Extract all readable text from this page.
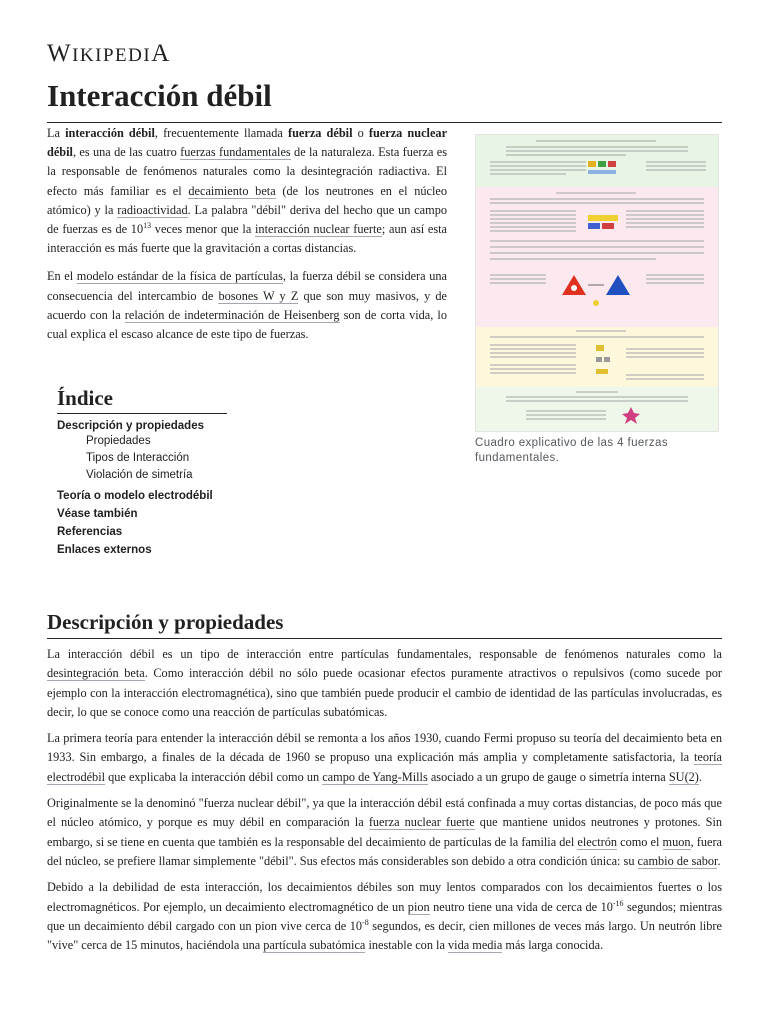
WIKIPEDIA
Interacción débil

La interacción débil, frecuentemente llamada fuerza débil o fuerza nuclear débil, es una de las cuatro fuerzas fundamentales de la naturaleza. Esta fuerza es la responsable de fenómenos naturales como la desintegración radiactiva. El efecto más familiar es el decaimiento beta (de los neutrones en el núcleo atómico) y la radioactividad. La palabra "débil" deriva del hecho que un campo de fuerzas es de $10^{13}$ veces menor que la interacción nuclear fuerte; aun así esta interacción es más fuerte que la gravitación a cortas distancias.

En el modelo estándar de la física de partículas, la fuerza débil se considera una consecuencia del intercambio de bosones W y Z que son muy masivos, y de acuerdo con la relación de indeterminación de Heisenberg son de corta vida, lo cual explica el escaso alcance de este tipo de fuerzas.

Cuadro explicativo de las 4 fuerzas fundamentales.
Índice
Descripción y propiedades
Propiedades
Tipos de Interacción
Violación de simetría
Teoría o modelo electrodébil
Véase también
Referencias
Enlaces externos
Descripción y propiedades

La interacción débil es un tipo de interacción entre partículas fundamentales, responsable de fenómenos naturales como la desintegración beta. Como interacción débil no sólo puede ocasionar efectos puramente atractivos o repulsivos (como sucede por ejemplo con la interacción electromagnética), sino que también puede producir el cambio de identidad de las partículas involucradas, es decir, lo que se conoce como una reacción de partículas subatómicas.

La primera teoría para entender la interacción débil se remonta a los años 1930, cuando Fermi propuso su teoría del decaimiento beta en 1933. Sin embargo, a finales de la década de 1960 se propuso una explicación más amplia y completamente satisfactoria, la teoría electrodébil que explicaba la interacción débil como un campo de Yang-Mills asociado a un grupo de gauge o simetría interna SU(2).

Originalmente se la denominó "fuerza nuclear débil", ya que la interacción débil está confinada a muy cortas distancias, de poco más que el núcleo atómico, y porque es muy débil en comparación la fuerza nuclear fuerte que mantiene unidos neutrones y protones. Sin embargo, si se tiene en cuenta que también es la responsable del decaimiento de partículas de la familia del electrón como el muon, fuera del núcleo, se prefiere llamar simplemente "débil". Sus efectos más considerables son debido a otra condición única: su cambio de sabor.

Debido a la debilidad de esta interacción, los decaimientos débiles son muy lentos comparados con los decaimientos fuertes o los electromagnéticos. Por ejemplo, un decaimiento electromagnético de un pion neutro tiene una vida de cerca de $10^{-16}$ segundos; mientras que un decaimiento débil cargado con un pion vive cerca de $10^{-8}$ segundos, es decir, cien millones de veces más largo. Un neutrón libre "vive" cerca de 15 minutos, haciéndola una partícula subatómica inestable con la vida media más larga conocida.
